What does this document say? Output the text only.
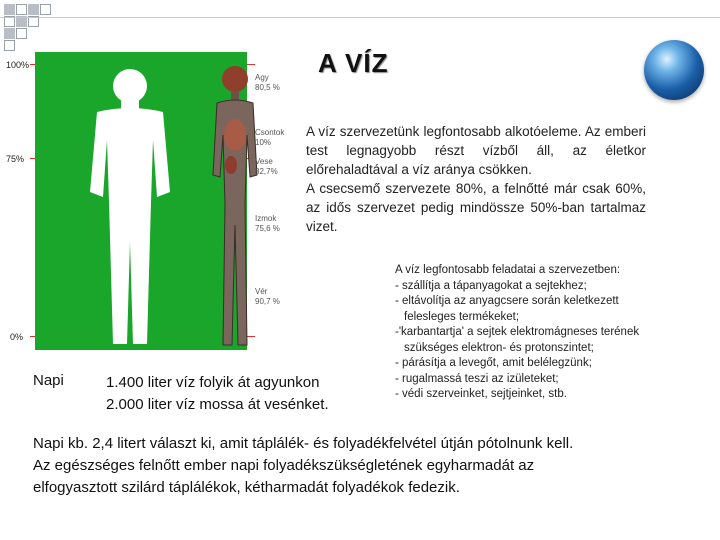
A VÍZ
100%
75%
0%
Agy
80,5 %
Csontok
10%
Vese
82,7%
Izmok
75,6 %
Vér
90,7 %
A víz szervezetünk legfontosabb alkotóeleme. Az emberi test legnagyobb részt vízből áll, az életkor előrehaladtával a víz aránya csökken.
A csecsemő szervezete 80%, a felnőtté már csak 60%, az idős szervezet pedig mindössze 50%-ban tartalmaz vizet.
A víz legfontosabb feladatai a szervezetben:
- szállítja a tápanyagokat a sejtekhez;
- eltávolítja az anyagcsere során keletkezett
felesleges termékeket;
-'karbantartja' a sejtek elektromágneses terének
szükséges elektron- és protonszintet;
- párásítja a levegőt, amit belélegzünk;
- rugalmassá teszi az izületeket;
- védi szerveinket, sejtjeinket, stb.
Napi	1.400 liter víz folyik át agyunkon
2.000 liter víz mossa át vesénket.
Napi kb. 2,4 litert választ ki, amit táplálék- és folyadékfelvétel útján pótolnunk kell.
Az egészséges felnőtt ember napi folyadékszükségletének egyharmadát az
elfogyasztott szilárd táplálékok, kétharmadát folyadékok fedezik.
